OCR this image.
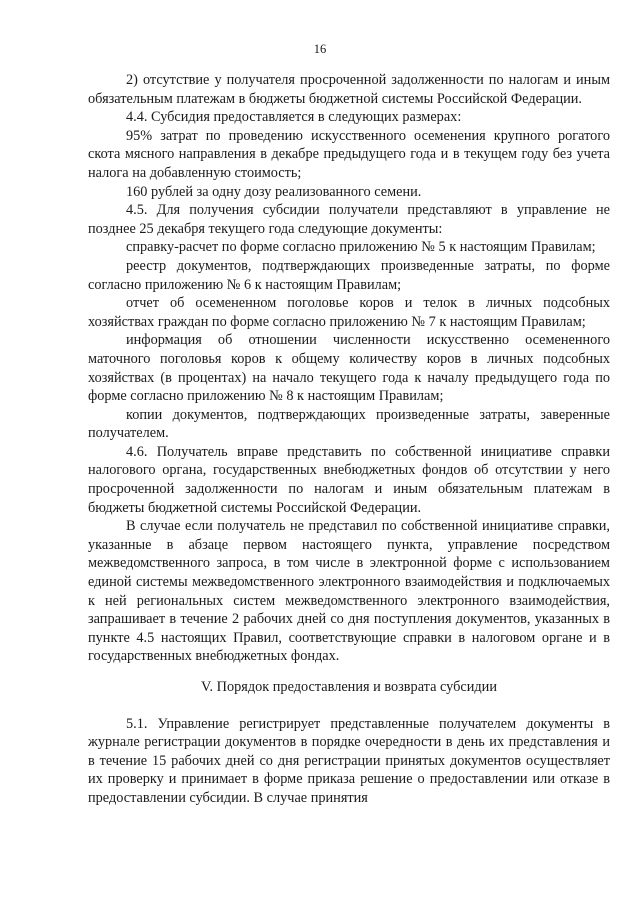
16

2) отсутствие у получателя просроченной задолженности по налогам и иным обязательным платежам в бюджеты бюджетной системы Российской Федерации.

4.4. Субсидия предоставляется в следующих размерах:

95% затрат по проведению искусственного осеменения крупного рогатого скота мясного направления в декабре предыдущего года и в текущем году без учета налога на добавленную стоимость;

160 рублей за одну дозу реализованного семени.

4.5. Для получения субсидии получатели представляют в управление не позднее 25 декабря текущего года следующие документы:

справку-расчет по форме согласно приложению № 5 к настоящим Правилам;

реестр документов, подтверждающих произведенные затраты, по форме согласно приложению № 6 к настоящим Правилам;

отчет об осемененном поголовье коров и телок в личных подсобных хозяйствах граждан по форме согласно приложению № 7 к настоящим Правилам;

информация об отношении численности искусственно осемененного маточного поголовья коров к общему количеству коров в личных подсобных хозяйствах (в процентах) на начало текущего года к началу предыдущего года по форме согласно приложению № 8 к настоящим Правилам;

копии документов, подтверждающих произведенные затраты, заверенные получателем.

4.6. Получатель вправе представить по собственной инициативе справки налогового органа, государственных внебюджетных фондов об отсутствии у него просроченной задолженности по налогам и иным обязательным платежам в бюджеты бюджетной системы Российской Федерации.

В случае если получатель не представил по собственной инициативе справки, указанные в абзаце первом настоящего пункта, управление посредством межведомственного запроса, в том числе в электронной форме с использованием единой системы межведомственного электронного взаимодействия и подключаемых к ней региональных систем межведомственного электронного взаимодействия, запрашивает в течение 2 рабочих дней со дня поступления документов, указанных в пункте 4.5 настоящих Правил, соответствующие справки в налоговом органе и в государственных внебюджетных фондах.

V. Порядок предоставления и возврата субсидии

5.1. Управление регистрирует представленные получателем документы в журнале регистрации документов в порядке очередности в день их представления и в течение 15 рабочих дней со дня регистрации принятых документов осуществляет их проверку и принимает в форме приказа решение о предоставлении или отказе в предоставлении субсидии. В случае принятия
